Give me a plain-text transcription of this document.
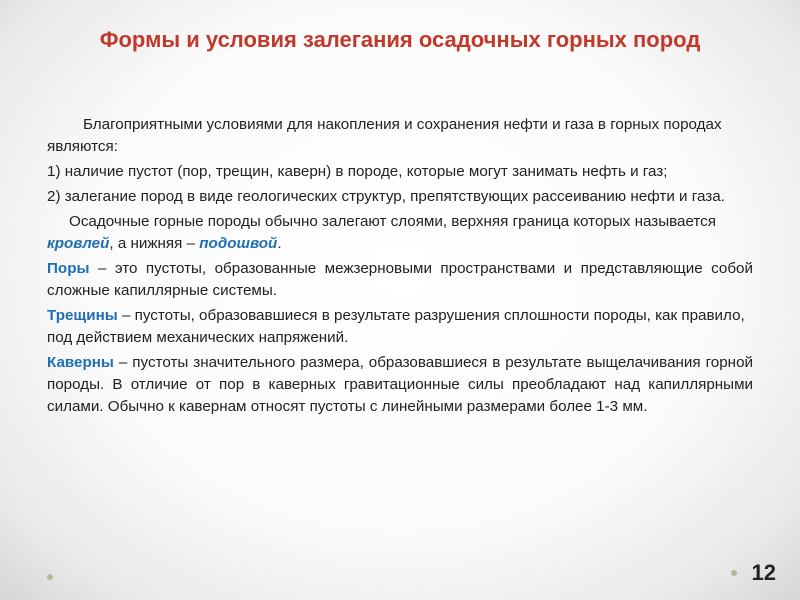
Формы и условия залегания осадочных горных пород

Благоприятными условиями для накопления и сохранения нефти и газа в горных породах являются:

1) наличие пустот (пор, трещин, каверн) в породе, которые могут занимать нефть и газ;

2) залегание пород в виде геологических структур, препятствующих рассеиванию нефти и газа.

Осадочные горные породы обычно залегают слоями, верхняя граница которых называется кровлей, а нижняя – подошвой.

Поры – это пустоты, образованные межзерновыми пространствами и представляющие собой сложные капиллярные системы.

Трещины – пустоты, образовавшиеся в результате разрушения сплошности породы, как правило, под действием механических напряжений.

Каверны – пустоты значительного размера, образовавшиеся в результате выщелачивания горной породы. В отличие от пор в каверных гравитационные силы преобладают над капиллярными силами. Обычно к кавернам относят пустоты с линейными размерами более 1-3 мм.

12
